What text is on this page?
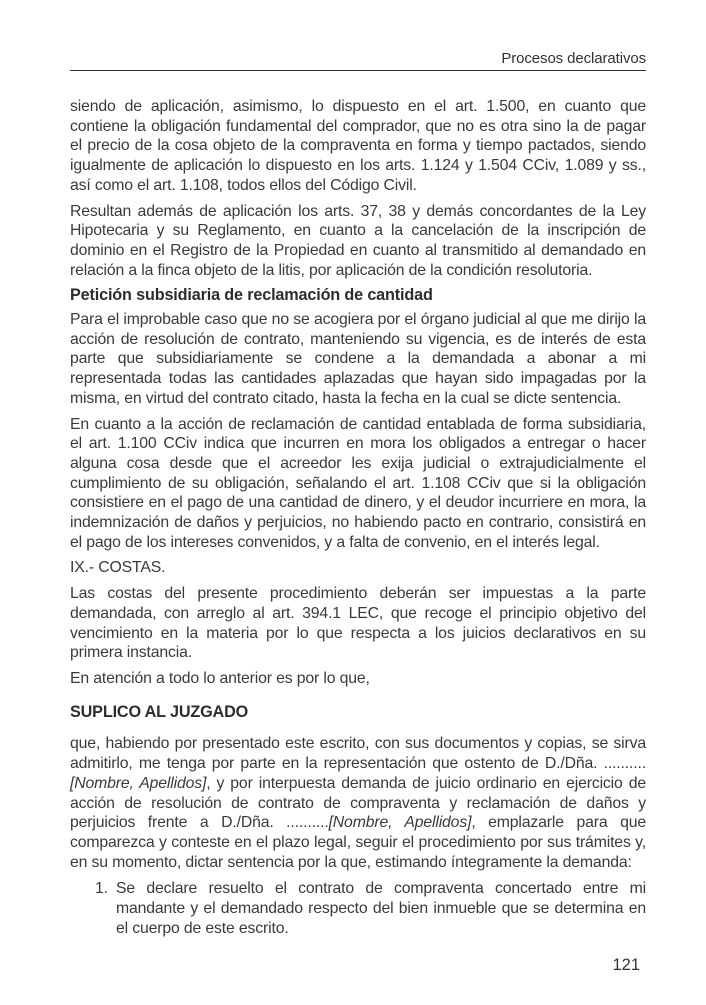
Procesos declarativos

siendo de aplicación, asimismo, lo dispuesto en el art. 1.500, en cuanto que contiene la obligación fundamental del comprador, que no es otra sino la de pagar el precio de la cosa objeto de la compraventa en forma y tiempo pactados, siendo igualmente de aplicación lo dispuesto en los arts. 1.124 y 1.504 CCiv, 1.089 y ss., así como el art. 1.108, todos ellos del Código Civil.

Resultan además de aplicación los arts. 37, 38 y demás concordantes de la Ley Hipotecaria y su Reglamento, en cuanto a la cancelación de la inscripción de dominio en el Registro de la Propiedad en cuanto al transmitido al demandado en relación a la finca objeto de la litis, por aplicación de la condición resolutoria.

Petición subsidiaria de reclamación de cantidad

Para el improbable caso que no se acogiera por el órgano judicial al que me dirijo la acción de resolución de contrato, manteniendo su vigencia, es de interés de esta parte que subsidiariamente se condene a la demandada a abonar a mi representada todas las cantidades aplazadas que hayan sido impagadas por la misma, en virtud del contrato citado, hasta la fecha en la cual se dicte sentencia.

En cuanto a la acción de reclamación de cantidad entablada de forma subsidiaria, el art. 1.100 CCiv indica que incurren en mora los obligados a entregar o hacer alguna cosa desde que el acreedor les exija judicial o extrajudicialmente el cumplimiento de su obligación, señalando el art. 1.108 CCiv que si la obligación consistiere en el pago de una cantidad de dinero, y el deudor incurriere en mora, la indemnización de daños y perjuicios, no habiendo pacto en contrario, consistirá en el pago de los intereses convenidos, y a falta de convenio, en el interés legal.

IX.- COSTAS.

Las costas del presente procedimiento deberán ser impuestas a la parte demandada, con arreglo al art. 394.1 LEC, que recoge el principio objetivo del vencimiento en la materia por lo que respecta a los juicios declarativos en su primera instancia.

En atención a todo lo anterior es por lo que,

SUPLICO AL JUZGADO

que, habiendo por presentado este escrito, con sus documentos y copias, se sirva admitirlo, me tenga por parte en la representación que ostento de D./Dña. .......... [Nombre, Apellidos], y por interpuesta demanda de juicio ordinario en ejercicio de acción de resolución de contrato de compraventa y reclamación de daños y perjuicios frente a D./Dña. ..........[Nombre, Apellidos], emplazarle para que comparezca y conteste en el plazo legal, seguir el procedimiento por sus trámites y, en su momento, dictar sentencia por la que, estimando íntegramente la demanda:

1. Se declare resuelto el contrato de compraventa concertado entre mi mandante y el demandado respecto del bien inmueble que se determina en el cuerpo de este escrito.
121
